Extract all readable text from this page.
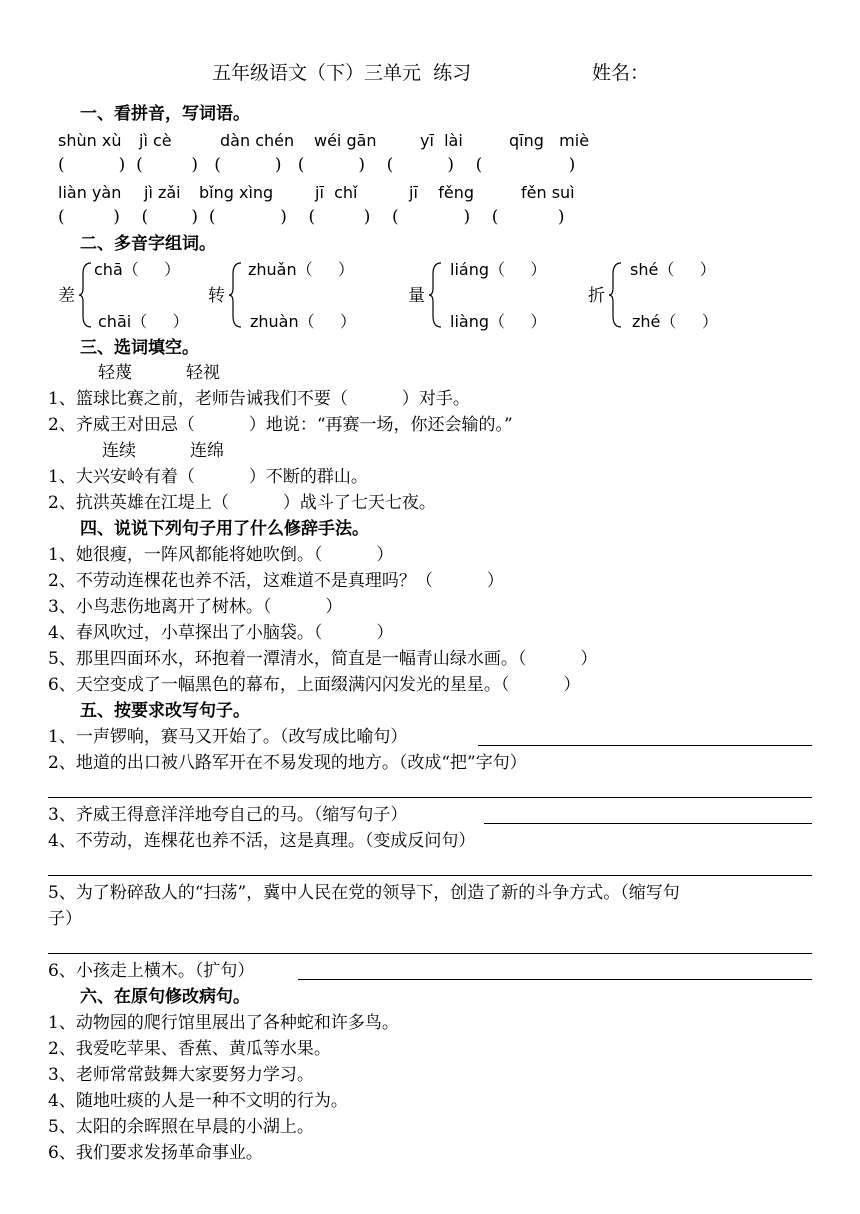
五年级语文（下）三单元  练习	姓名：
一、看拼音，写词语。
shùn xù jì cè	dàn chén wéi gān	yī  lài	qīng   miè
(          )  (         )   (          )   (          )    (          )    (                )
liàn yàn jì zǎi bǐng xìng	jī  chǐ	jī    fěng	fěn suì
(         )    (        )  (            )    (         )    (            )    (           )
二、多音字组词。
差
chā（     ）
chāi（     ）
转
zhuǎn（     ）
zhuàn（     ）
量
liáng（     ）
liàng（     ）
折
shé（     ）
zhé（     ）
三、选词填空。
轻蔑          轻视
1、篮球比赛之前，老师告诫我们不要（          ）对手。
2、齐威王对田忌（          ）地说：“再赛一场，你还会输的。”
连续          连绵
1、大兴安岭有着（          ）不断的群山。
2、抗洪英雄在江堤上（          ）战斗了七天七夜。
四、说说下列句子用了什么修辞手法。
1、她很瘦，一阵风都能将她吹倒。（          ）
2、不劳动连棵花也养不活，这难道不是真理吗？（          ）
3、小鸟悲伤地离开了树林。（          ）
4、春风吹过，小草探出了小脑袋。（          ）
5、那里四面环水，环抱着一潭清水，简直是一幅青山绿水画。（          ）
6、天空变成了一幅黑色的幕布，上面缀满闪闪发光的星星。（          ）
五、按要求改写句子。
1、一声锣响，赛马又开始了。（改写成比喻句）
2、地道的出口被八路军开在不易发现的地方。（改成“把”字句）
3、齐威王得意洋洋地夸自己的马。（缩写句子）
4、不劳动，连棵花也养不活，这是真理。（变成反问句）
5、为了粉碎敌人的“扫荡”，冀中人民在党的领导下，创造了新的斗争方式。（缩写句
子）
6、小孩走上横木。（扩句）
六、在原句修改病句。
1、动物园的爬行馆里展出了各种蛇和许多鸟。
2、我爱吃苹果、香蕉、黄瓜等水果。
3、老师常常鼓舞大家要努力学习。
4、随地吐痰的人是一种不文明的行为。
5、太阳的余晖照在早晨的小湖上。
6、我们要求发扬革命事业。
